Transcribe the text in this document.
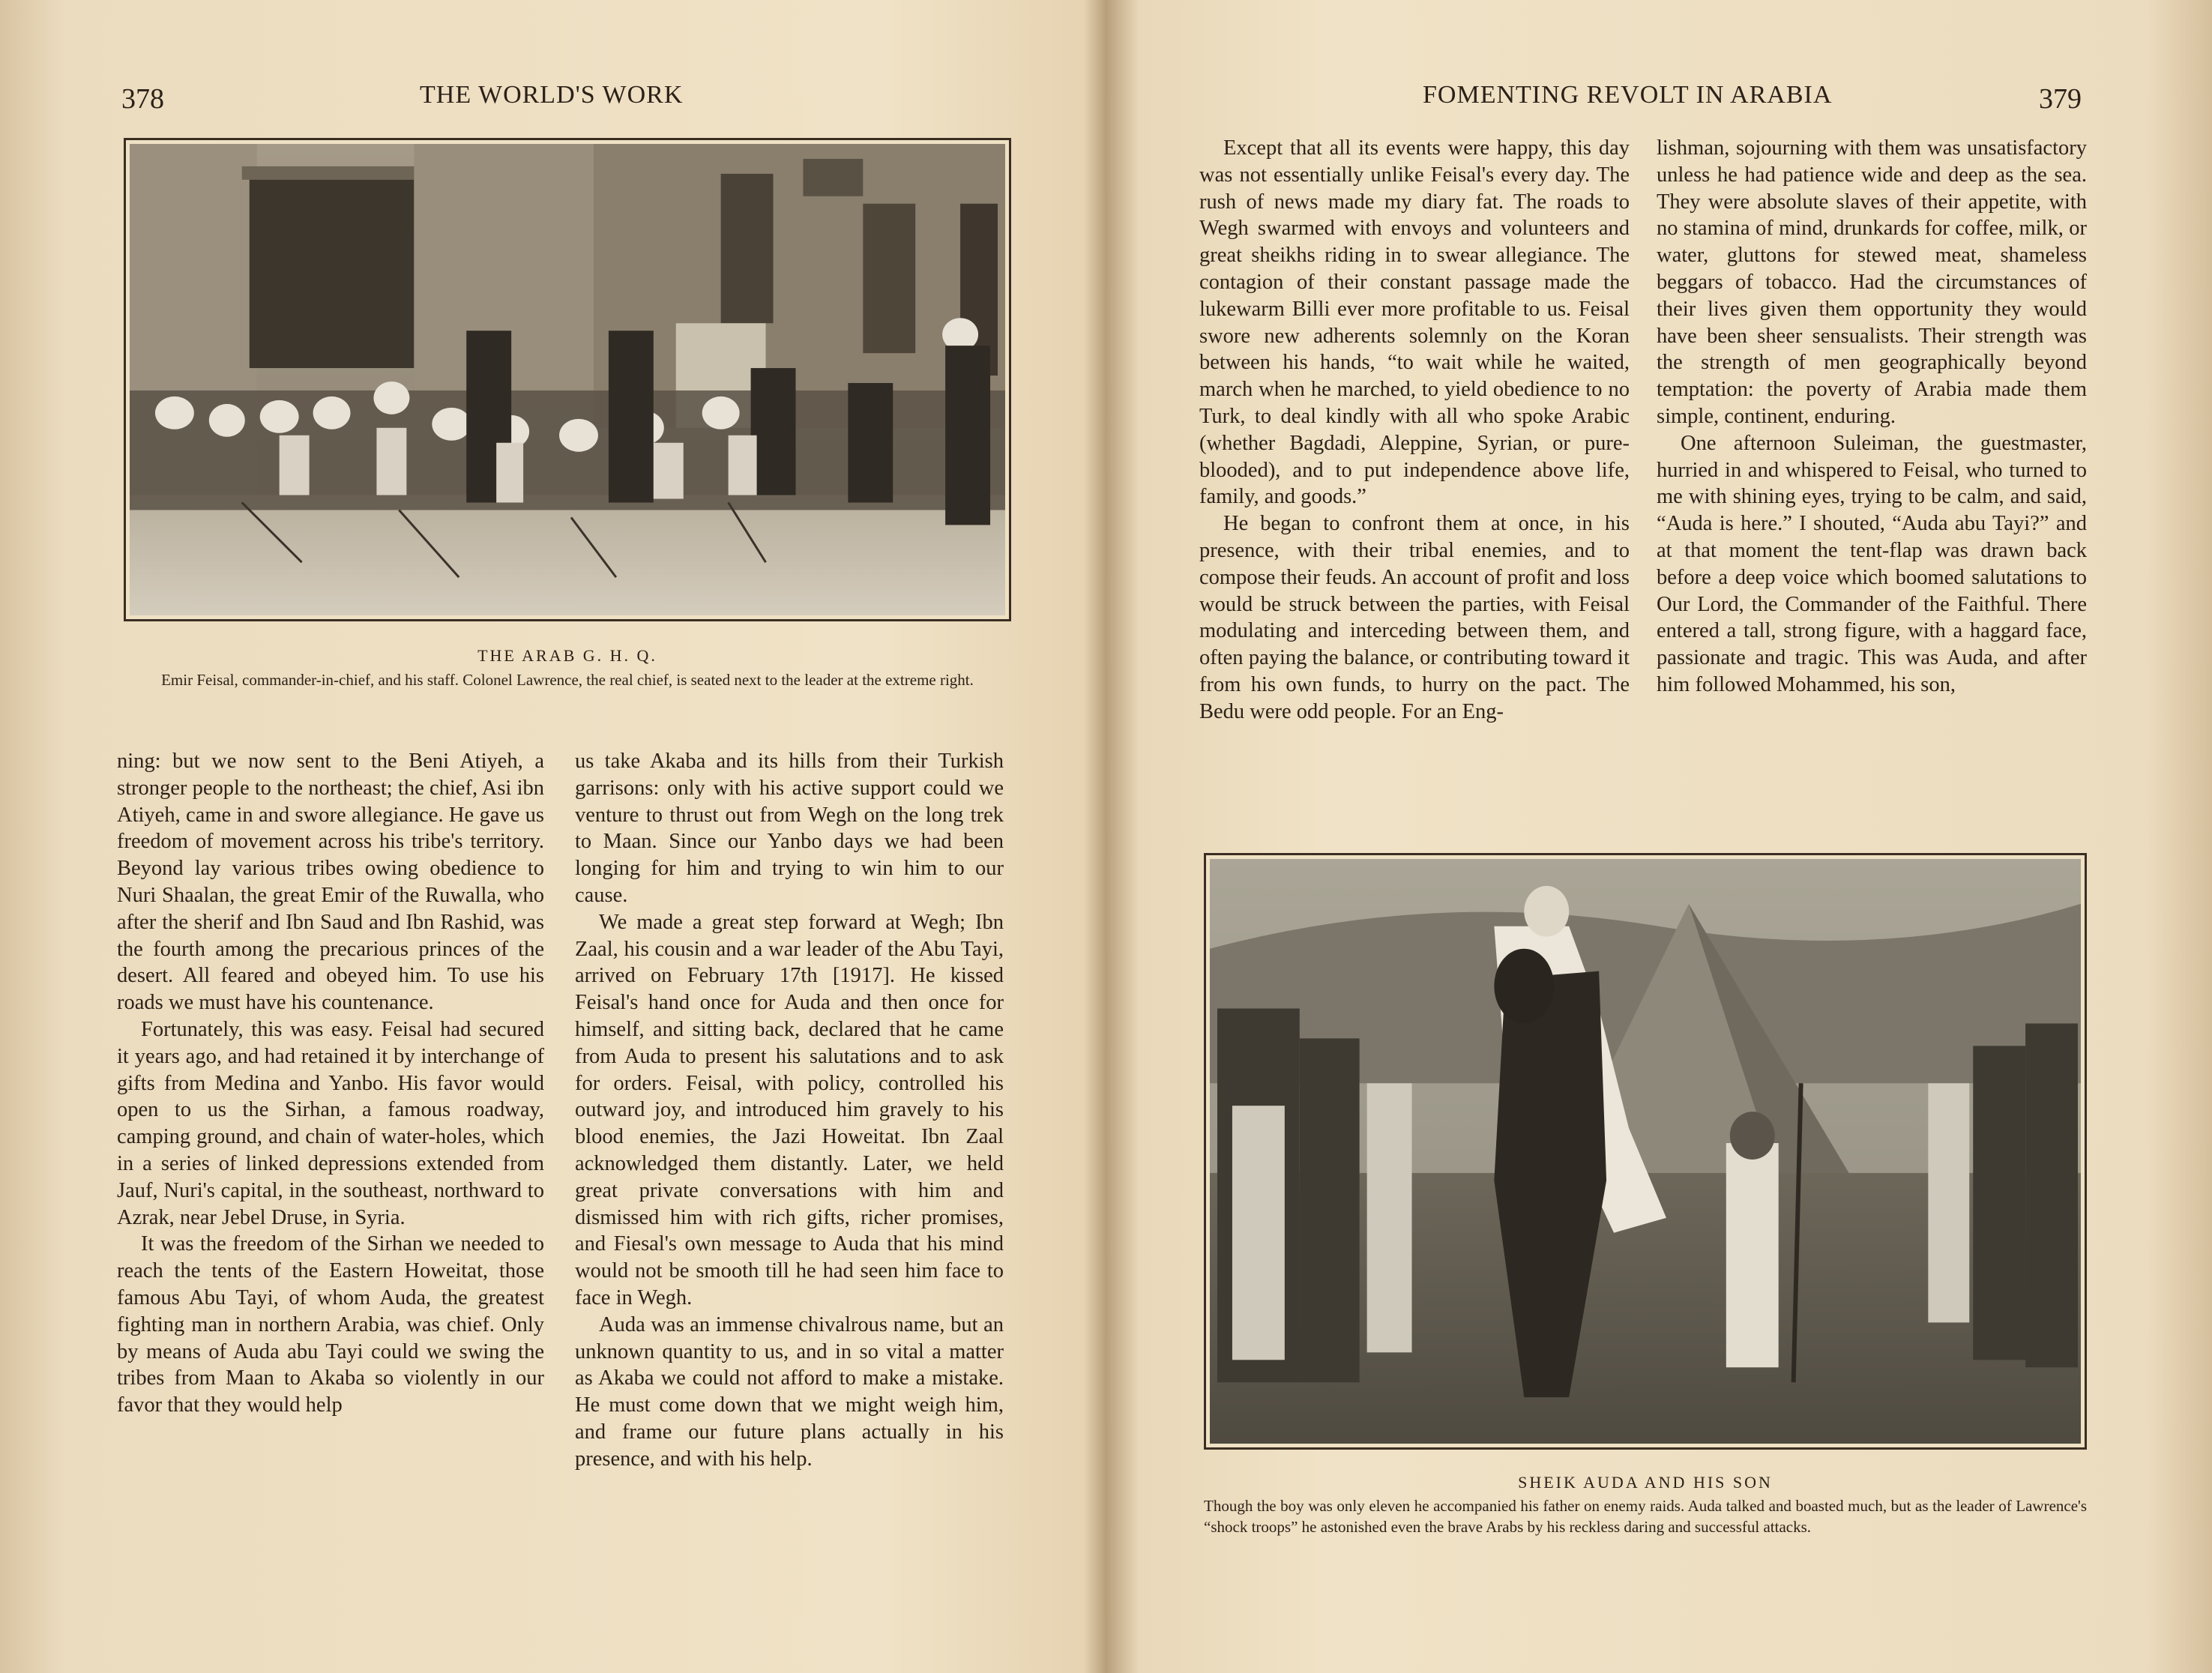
378	THE WORLD'S WORK
THE ARAB G. H. Q.
Emir Feisal, commander-in-chief, and his staff. Colonel Lawrence, the real chief, is seated next to the leader at the extreme right.

ning: but we now sent to the Beni Atiyeh, a stronger people to the northeast; the chief, Asi ibn Atiyeh, came in and swore allegiance. He gave us freedom of movement across his tribe's territory. Beyond lay various tribes owing obedience to Nuri Shaalan, the great Emir of the Ruwalla, who after the sherif and Ibn Saud and Ibn Rashid, was the fourth among the precarious princes of the desert. All feared and obeyed him. To use his roads we must have his countenance.

Fortunately, this was easy. Feisal had secured it years ago, and had retained it by interchange of gifts from Medina and Yanbo. His favor would open to us the Sirhan, a famous roadway, camping ground, and chain of water-holes, which in a series of linked depressions extended from Jauf, Nuri's capital, in the southeast, northward to Azrak, near Jebel Druse, in Syria.

It was the freedom of the Sirhan we needed to reach the tents of the Eastern Howeitat, those famous Abu Tayi, of whom Auda, the greatest fighting man in northern Arabia, was chief. Only by means of Auda abu Tayi could we swing the tribes from Maan to Akaba so violently in our favor that they would help

us take Akaba and its hills from their Turkish garrisons: only with his active support could we venture to thrust out from Wegh on the long trek to Maan. Since our Yanbo days we had been longing for him and trying to win him to our cause.

We made a great step forward at Wegh; Ibn Zaal, his cousin and a war leader of the Abu Tayi, arrived on February 17th [1917]. He kissed Feisal's hand once for Auda and then once for himself, and sitting back, declared that he came from Auda to present his salutations and to ask for orders. Feisal, with policy, controlled his outward joy, and introduced him gravely to his blood enemies, the Jazi Howeitat. Ibn Zaal acknowledged them distantly. Later, we held great private conversations with him and dismissed him with rich gifts, richer promises, and Fiesal's own message to Auda that his mind would not be smooth till he had seen him face to face in Wegh.

Auda was an immense chivalrous name, but an unknown quantity to us, and in so vital a matter as Akaba we could not afford to make a mistake. He must come down that we might weigh him, and frame our future plans actually in his presence, and with his help.

FOMENTING REVOLT IN ARABIA	379

Except that all its events were happy, this day was not essentially unlike Feisal's every day. The rush of news made my diary fat. The roads to Wegh swarmed with envoys and volunteers and great sheikhs riding in to swear allegiance. The contagion of their constant passage made the lukewarm Billi ever more profitable to us. Feisal swore new adherents solemnly on the Koran between his hands, “to wait while he waited, march when he marched, to yield obedience to no Turk, to deal kindly with all who spoke Arabic (whether Bagdadi, Aleppine, Syrian, or pure-blooded), and to put independence above life, family, and goods.”

He began to confront them at once, in his presence, with their tribal enemies, and to compose their feuds. An account of profit and loss would be struck between the parties, with Feisal modulating and interceding between them, and often paying the balance, or contributing toward it from his own funds, to hurry on the pact. The Bedu were odd people. For an Eng-

lishman, sojourning with them was unsatisfactory unless he had patience wide and deep as the sea. They were absolute slaves of their appetite, with no stamina of mind, drunkards for coffee, milk, or water, gluttons for stewed meat, shameless beggars of tobacco. Had the circumstances of their lives given them opportunity they would have been sheer sensualists. Their strength was the strength of men geographically beyond temptation: the poverty of Arabia made them simple, continent, enduring.

One afternoon Suleiman, the guestmaster, hurried in and whispered to Feisal, who turned to me with shining eyes, trying to be calm, and said, “Auda is here.” I shouted, “Auda abu Tayi?” and at that moment the tent-flap was drawn back before a deep voice which boomed salutations to Our Lord, the Commander of the Faithful. There entered a tall, strong figure, with a haggard face, passionate and tragic. This was Auda, and after him followed Mohammed, his son,

SHEIK AUDA AND HIS SON
Though the boy was only eleven he accompanied his father on enemy raids. Auda talked and boasted much, but as the leader of Lawrence's “shock troops” he astonished even the brave Arabs by his reckless daring and successful attacks.
